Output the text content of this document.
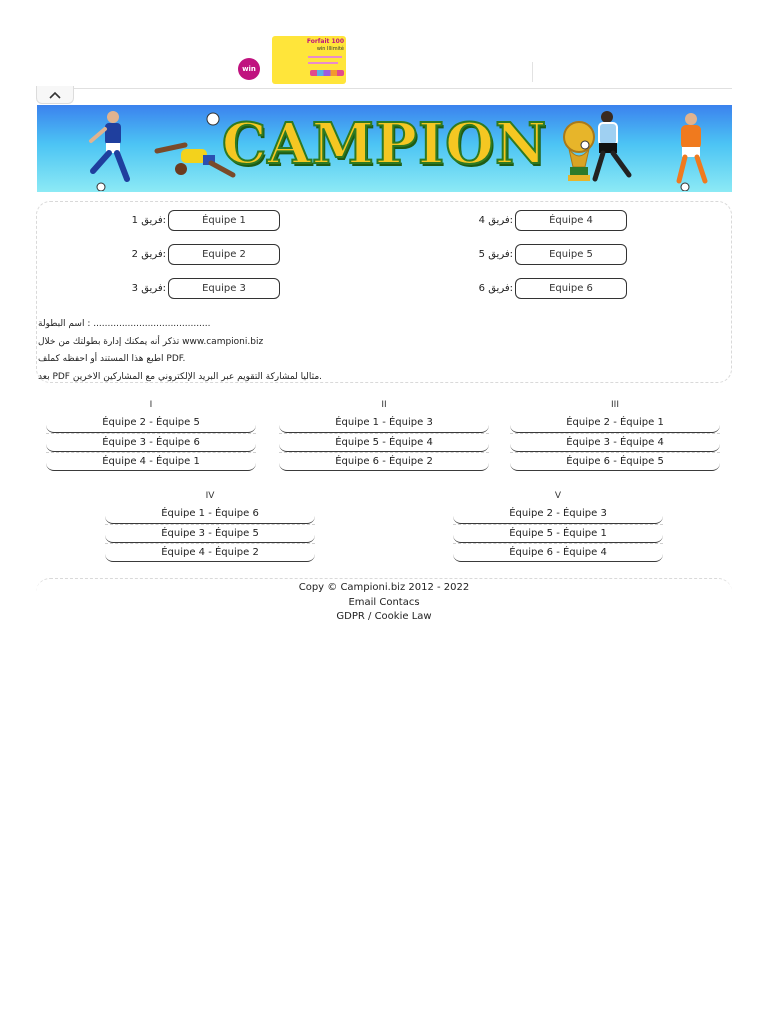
win
Forfait 100
win Illimité
CAMPION
فريق 1:	Équipe 1
فريق 2:	Equipe 2
فريق 3:	Equipe 3
فريق 4:	Équipe 4
فريق 5:	Equipe 5
فريق 6:	Equipe 6
اسم البطولة : .........................................
تذكر أنه يمكنك إدارة بطولتك من خلال www.campioni.biz
اطبع هذا المستند أو احفظه كملف PDF.
بعد PDF مثاليا لمشاركة التقويم عبر البريد الإلكتروني مع المشاركين الاخرين.
I
Équipe 2 - Équipe 5
Équipe 3 - Équipe 6
Équipe 4 - Équipe 1
II
Équipe 1 - Équipe 3
Équipe 5 - Équipe 4
Équipe 6 - Équipe 2
III
Équipe 2 - Équipe 1
Équipe 3 - Équipe 4
Équipe 6 - Équipe 5
IV
Équipe 1 - Équipe 6
Équipe 3 - Équipe 5
Équipe 4 - Équipe 2
V
Équipe 2 - Équipe 3
Équipe 5 - Équipe 1
Équipe 6 - Équipe 4
Copy © Campioni.biz 2012 - 2022
Email Contacs
GDPR / Cookie Law
